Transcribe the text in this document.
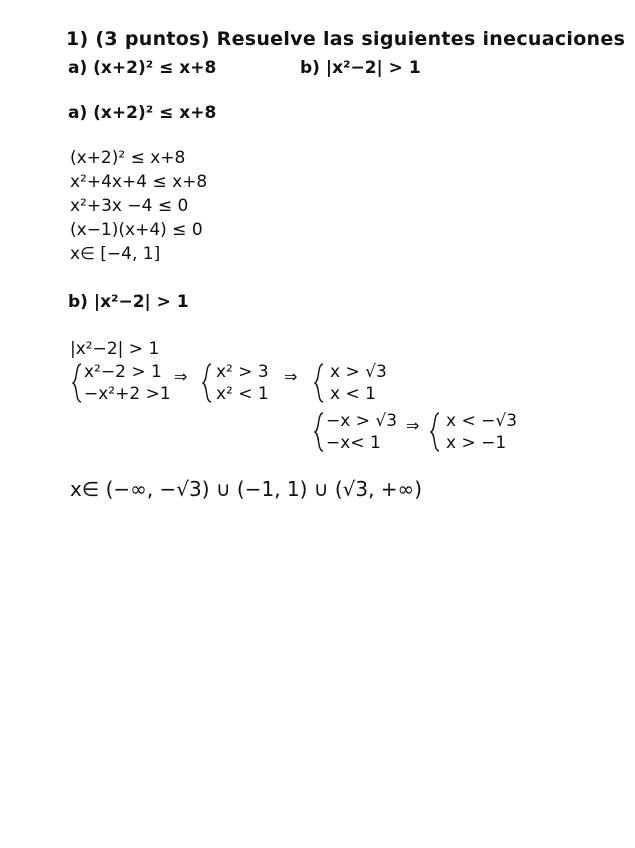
1) (3 puntos) Resuelve las siguientes inecuaciones
a) (x+2)² ≤ x+8	b) |x²−2| > 1
a) (x+2)² ≤ x+8
(x+2)² ≤ x+8
x²+4x+4 ≤ x+8
x²+3x −4 ≤ 0
(x−1)(x+4) ≤ 0
x∈ [−4, 1]
b) |x²−2| > 1
|x²−2| > 1
x²−2 > 1
−x²+2 >1
⇒ x² > 3
x² < 1
⇒ x > √3
x < 1
−x > √3
−x< 1
⇒ x < −√3
x > −1
x∈ (−∞, −√3) ∪ (−1, 1) ∪ (√3, +∞)
